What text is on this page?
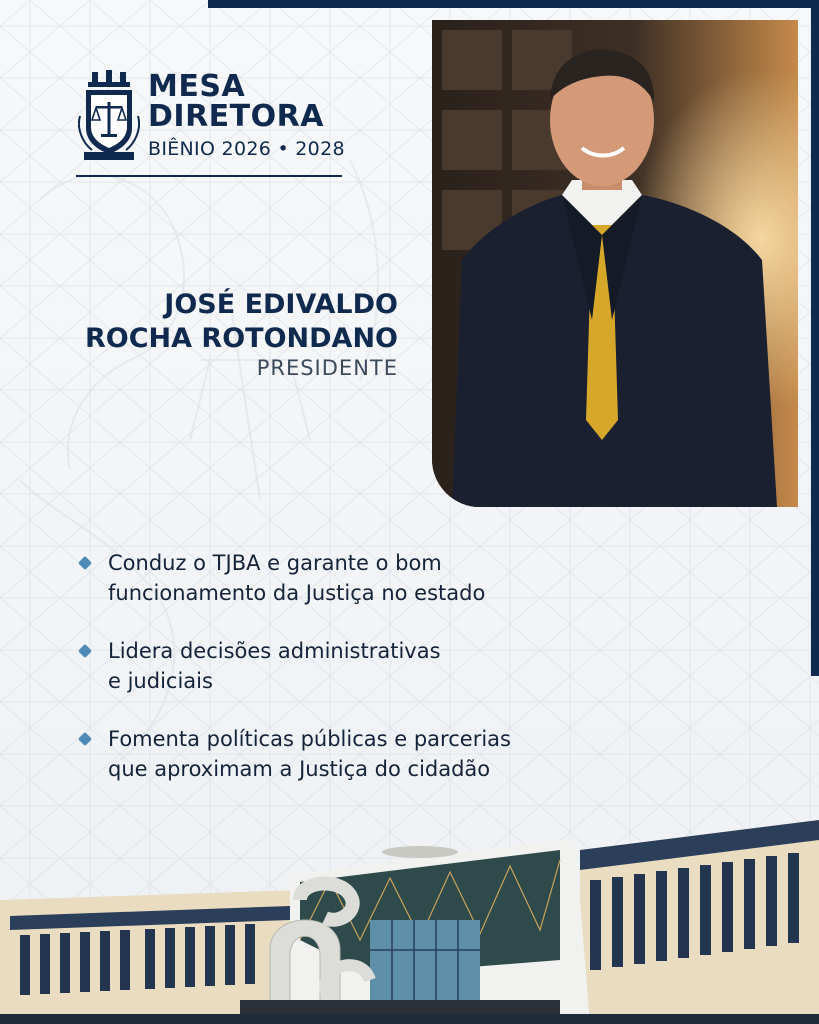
MESA
DIRETORA
BIÊNIO 2026 • 2028
JOSÉ EDIVALDO
ROCHA ROTONDANO
PRESIDENTE
Conduz o TJBA e garante o bom
funcionamento da Justiça no estado
Lidera decisões administrativas
e judiciais
Fomenta políticas públicas e parcerias
que aproximam a Justiça do cidadão
